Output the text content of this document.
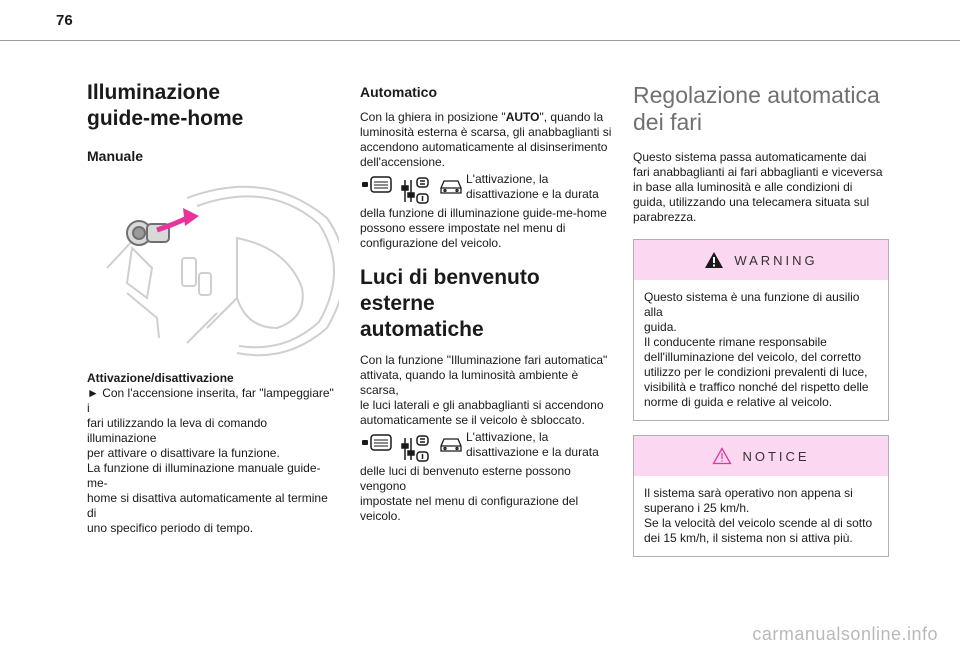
76
Illuminazione
guide-me-home
Manuale

Attivazione/disattivazione

► Con l'accensione inserita, far "lampeggiare" i
fari utilizzando la leva di comando illuminazione
per attivare o disattivare la funzione.
La funzione di illuminazione manuale guide-me-
home si disattiva automaticamente al termine di
uno specifico periodo di tempo.

Automatico

Con la ghiera in posizione "AUTO", quando la
luminosità esterna è scarsa, gli anabbaglianti si
accendono automaticamente al disinserimento
dell'accensione.

L'attivazione, la
disattivazione e la durata

della funzione di illuminazione guide-me-home
possono essere impostate nel menu di
configurazione del veicolo.

Luci di benvenuto esterne
automatiche

Con la funzione "Illuminazione fari automatica"
attivata, quando la luminosità ambiente è scarsa,
le luci laterali e gli anabbaglianti si accendono
automaticamente se il veicolo è sbloccato.

L'attivazione, la
disattivazione e la durata

delle luci di benvenuto esterne possono vengono
impostate nel menu di configurazione del
veicolo.

Regolazione automatica
dei fari

Questo sistema passa automaticamente dai
fari anabbaglianti ai fari abbaglianti e viceversa
in base alla luminosità e alle condizioni di
guida, utilizzando una telecamera situata sul
parabrezza.

WARNING

Questo sistema è una funzione di ausilio alla
guida.
Il conducente rimane responsabile
dell'illuminazione del veicolo, del corretto
utilizzo per le condizioni prevalenti di luce,
visibilità e traffico nonché del rispetto delle
norme di guida e relative al veicolo.

NOTICE

Il sistema sarà operativo non appena si
superano i 25 km/h.
Se la velocità del veicolo scende al di sotto
dei 15 km/h, il sistema non si attiva più.

carmanualsonline.info
